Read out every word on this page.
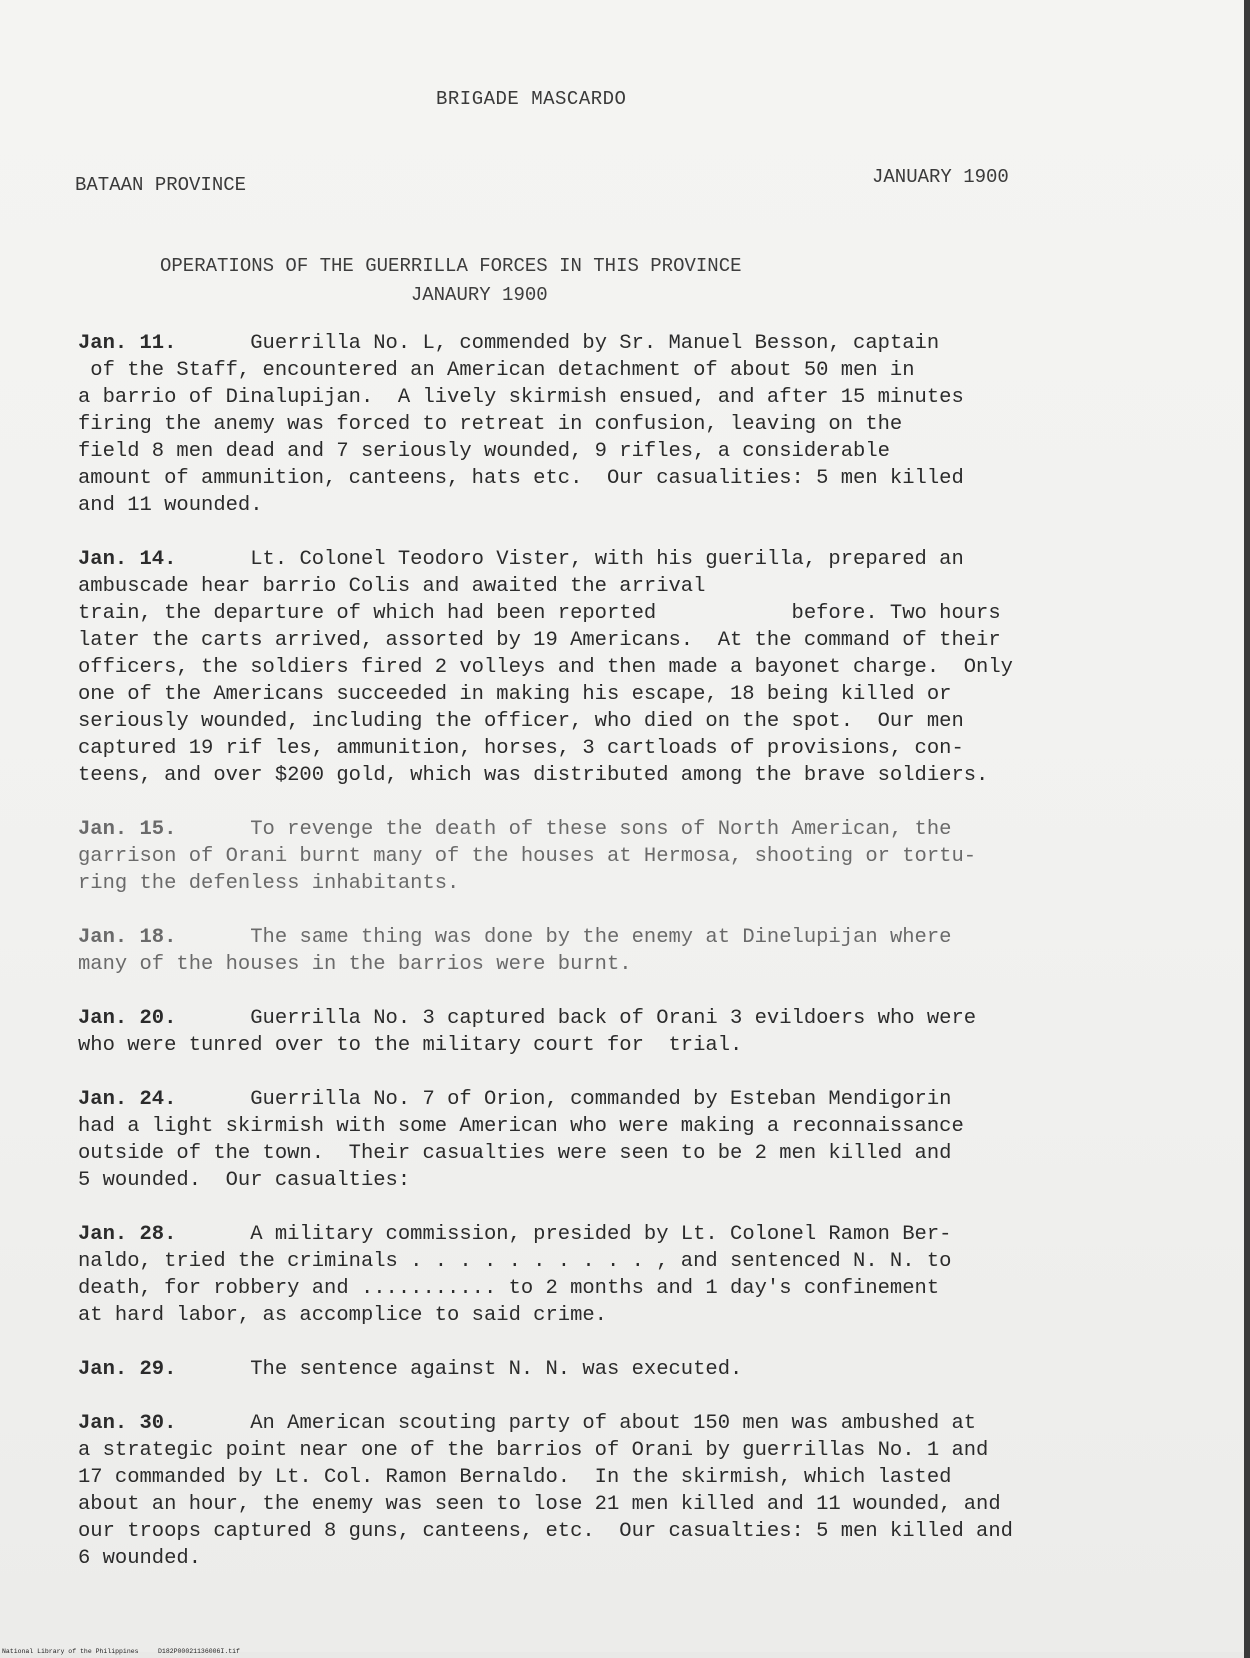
BRIGADE MASCARDO
BATAAN PROVINCE	JANUARY 1900
OPERATIONS OF THE GUERRILLA FORCES IN THIS PROVINCE
JANAURY 1900
Jan. 11.	Guerrilla No. L, commended by Sr. Manuel Besson, captain
of the Staff, encountered an American detachment of about 50 men in
a barrio of Dinalupijan.  A lively skirmish ensued, and after 15 minutes
firing the anemy was forced to retreat in confusion, leaving on the
field 8 men dead and 7 seriously wounded, 9 rifles, a considerable
amount of ammunition, canteens, hats etc.  Our casualities: 5 men killed
and 11 wounded.
Jan. 14.	Lt. Colonel Teodoro Vister, with his guerilla, prepared an
ambuscade hear barrio Colis and awaited the arrival
train, the departure of which had been reported           before. Two hours
later the carts arrived, assorted by 19 Americans.  At the command of their
officers, the soldiers fired 2 volleys and then made a bayonet charge.  Only
one of the Americans succeeded in making his escape, 18 being killed or
seriously wounded, including the officer, who died on the spot.  Our men
captured 19 rif les, ammunition, horses, 3 cartloads of provisions, con-
teens, and over $200 gold, which was distributed among the brave soldiers.
Jan. 15.	To revenge the death of these sons of North American, the
garrison of Orani burnt many of the houses at Hermosa, shooting or tortu-
ring the defenless inhabitants.
Jan. 18.	The same thing was done by the enemy at Dinelupijan where
many of the houses in the barrios were burnt.
Jan. 20.	Guerrilla No. 3 captured back of Orani 3 evildoers who were
who were tunred over to the military court for  trial.
Jan. 24.	Guerrilla No. 7 of Orion, commanded by Esteban Mendigorin
had a light skirmish with some American who were making a reconnaissance
outside of the town.  Their casualties were seen to be 2 men killed and
5 wounded.  Our casualties:
Jan. 28.	A military commission, presided by Lt. Colonel Ramon Ber-
naldo, tried the criminals . . . . . . . . . . , and sentenced N. N. to
death, for robbery and ........... to 2 months and 1 day's confinement
at hard labor, as accomplice to said crime.
Jan. 29.	The sentence against N. N. was executed.
Jan. 30.	An American scouting party of about 150 men was ambushed at
a strategic point near one of the barrios of Orani by guerrillas No. 1 and
17 commanded by Lt. Col. Ramon Bernaldo.  In the skirmish, which lasted
about an hour, the enemy was seen to lose 21 men killed and 11 wounded, and
our troops captured 8 guns, canteens, etc.  Our casualties: 5 men killed and
6 wounded.
National Library of the Philippines     D182P00021136006I.tif
